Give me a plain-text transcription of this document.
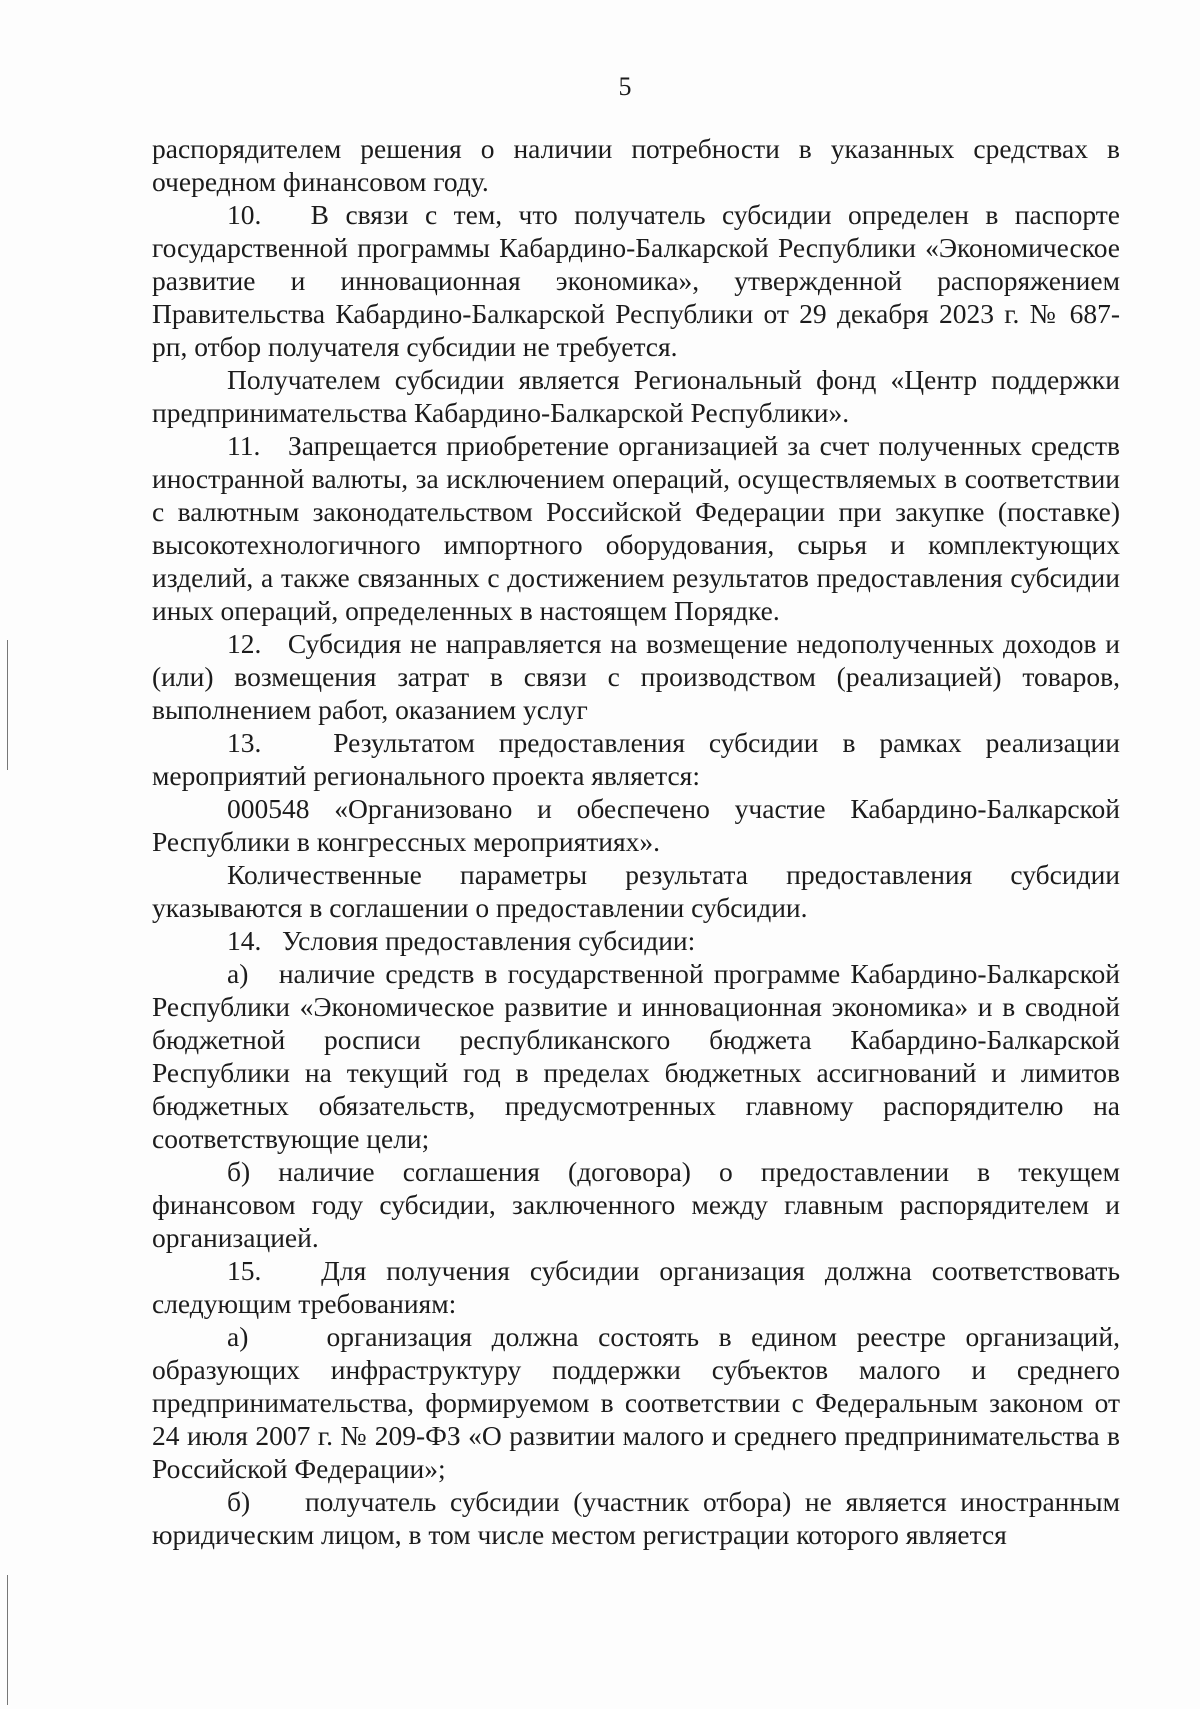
5

распорядителем решения о наличии потребности в указанных средствах в очередном финансовом году.

10.   В связи с тем, что получатель субсидии определен в паспорте государственной программы Кабардино-Балкарской Республики «Экономическое развитие и инновационная экономика», утвержденной распоряжением Правительства Кабардино-Балкарской Республики от 29 декабря 2023 г. № 687-рп, отбор получателя субсидии не требуется.

Получателем субсидии является Региональный фонд «Центр поддержки предпринимательства Кабардино-Балкарской Республики».

11.   Запрещается приобретение организацией за счет полученных средств иностранной валюты, за исключением операций, осуществляемых в соответствии с валютным законодательством Российской Федерации при закупке (поставке) высокотехнологичного импортного оборудования, сырья и комплектующих изделий, а также связанных с достижением результатов предоставления субсидии иных операций, определенных в настоящем Порядке.

12.   Субсидия не направляется на возмещение недополученных доходов и (или) возмещения затрат в связи с производством (реализацией) товаров, выполнением работ, оказанием услуг

13.   Результатом предоставления субсидии в рамках реализации мероприятий регионального проекта является:

000548 «Организовано и обеспечено участие Кабардино-Балкарской Республики в конгрессных мероприятиях».

Количественные параметры результата предоставления субсидии указываются в соглашении о предоставлении субсидии.

14.   Условия предоставления субсидии:

а)   наличие средств в государственной программе Кабардино-Балкарской Республики «Экономическое развитие и инновационная экономика» и в сводной бюджетной росписи республиканского бюджета Кабардино-Балкарской Республики на текущий год в пределах бюджетных ассигнований и лимитов бюджетных обязательств, предусмотренных главному распорядителю на соответствующие цели;

б) наличие соглашения (договора) о предоставлении в текущем финансовом году субсидии, заключенного между главным распорядителем и организацией.

15.   Для получения субсидии организация должна соответствовать следующим требованиям:

а)    организация должна состоять в едином реестре организаций, образующих инфраструктуру поддержки субъектов малого и среднего предпринимательства, формируемом в соответствии с Федеральным законом от 24 июля 2007 г. № 209-ФЗ «О развитии малого и среднего предпринимательства в Российской Федерации»;

б)    получатель субсидии (участник отбора) не является иностранным юридическим лицом, в том числе местом регистрации которого является
